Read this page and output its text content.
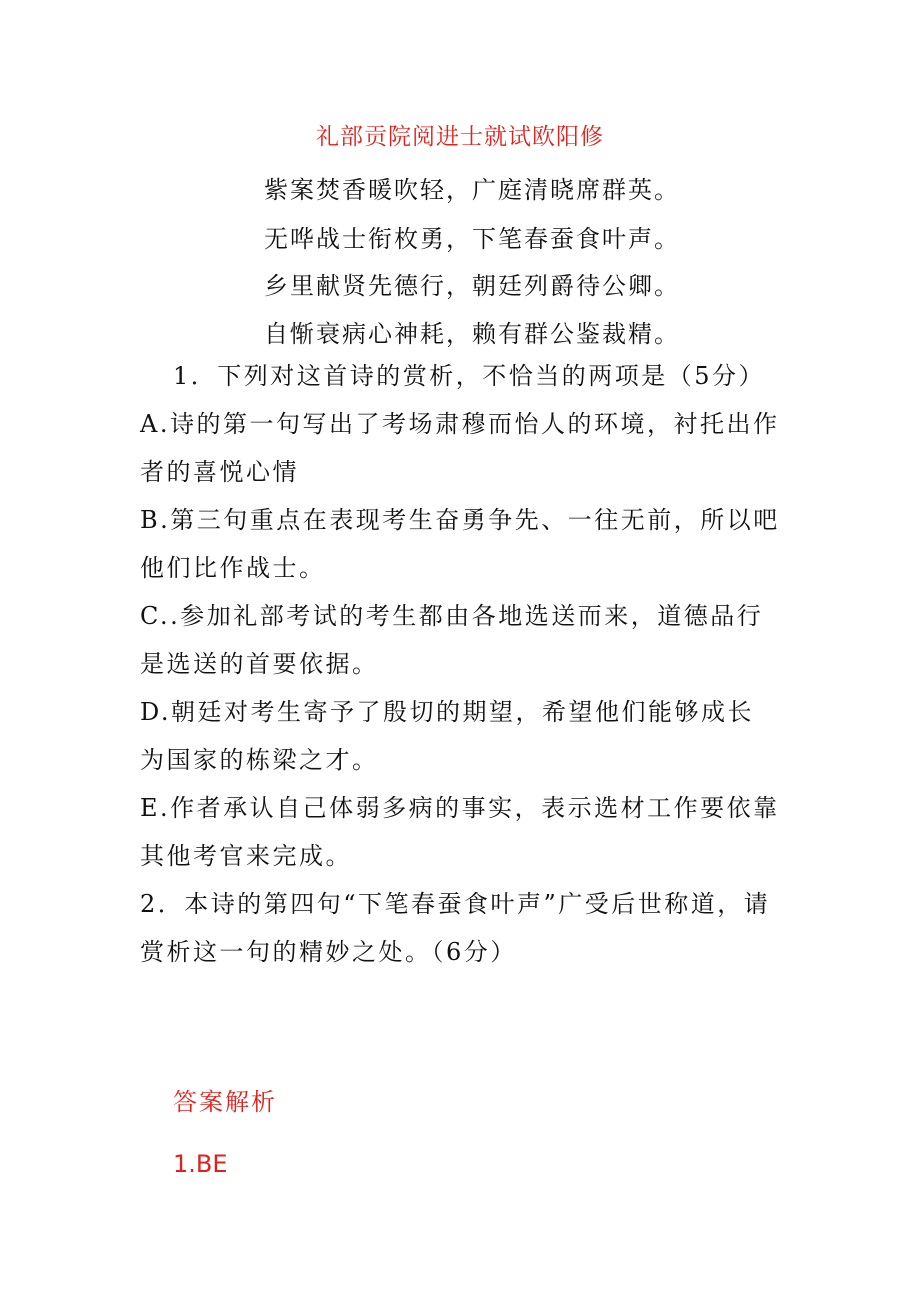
礼部贡院阅进士就试欧阳修
紫案焚香暖吹轻，广庭清晓席群英。
无哗战士衔枚勇，下笔春蚕食叶声。
乡里献贤先德行，朝廷列爵待公卿。
自惭衰病心神耗，赖有群公鉴裁精。
1．下列对这首诗的赏析，不恰当的两项是（5分）
A.诗的第一句写出了考场肃穆而怡人的环境，衬托出作者的喜悦心情
B.第三句重点在表现考生奋勇争先、一往无前，所以吧他们比作战士。
C..参加礼部考试的考生都由各地选送而来，道德品行是选送的首要依据。
D.朝廷对考生寄予了殷切的期望，希望他们能够成长为国家的栋梁之才。
E.作者承认自己体弱多病的事实，表示选材工作要依靠其他考官来完成。
2．本诗的第四句“下笔春蚕食叶声”广受后世称道，请赏析这一句的精妙之处。（6分）
答案解析
1.BE
